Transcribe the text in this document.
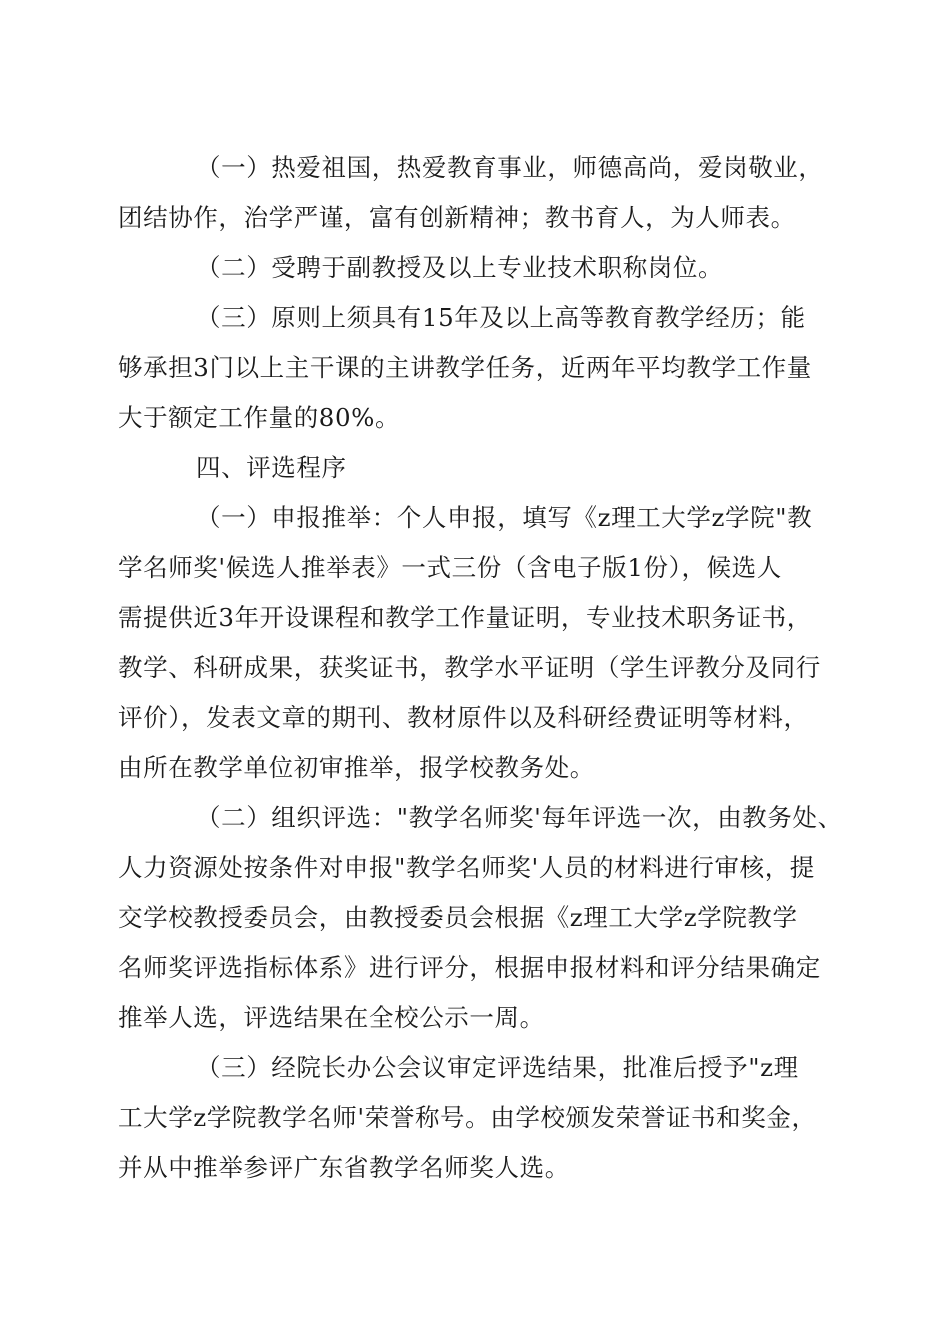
（一）热爱祖国，热爱教育事业，师德高尚，爱岗敬业，
团结协作，治学严谨，富有创新精神；教书育人，为人师表。
（二）受聘于副教授及以上专业技术职称岗位。
（三）原则上须具有15年及以上高等教育教学经历；能
够承担3门以上主干课的主讲教学任务，近两年平均教学工作量
大于额定工作量的80%。
四、评选程序
（一）申报推举：个人申报，填写《z理工大学z学院"教
学名师奖'候选人推举表》一式三份（含电子版1份），候选人
需提供近3年开设课程和教学工作量证明，专业技术职务证书，
教学、科研成果，获奖证书，教学水平证明（学生评教分及同行
评价），发表文章的期刊、教材原件以及科研经费证明等材料，
由所在教学单位初审推举，报学校教务处。
（二）组织评选："教学名师奖'每年评选一次，由教务处、
人力资源处按条件对申报"教学名师奖'人员的材料进行审核，提
交学校教授委员会，由教授委员会根据《z理工大学z学院教学
名师奖评选指标体系》进行评分，根据申报材料和评分结果确定
推举人选，评选结果在全校公示一周。
（三）经院长办公会议审定评选结果，批准后授予"z理
工大学z学院教学名师'荣誉称号。由学校颁发荣誉证书和奖金，
并从中推举参评广东省教学名师奖人选。
